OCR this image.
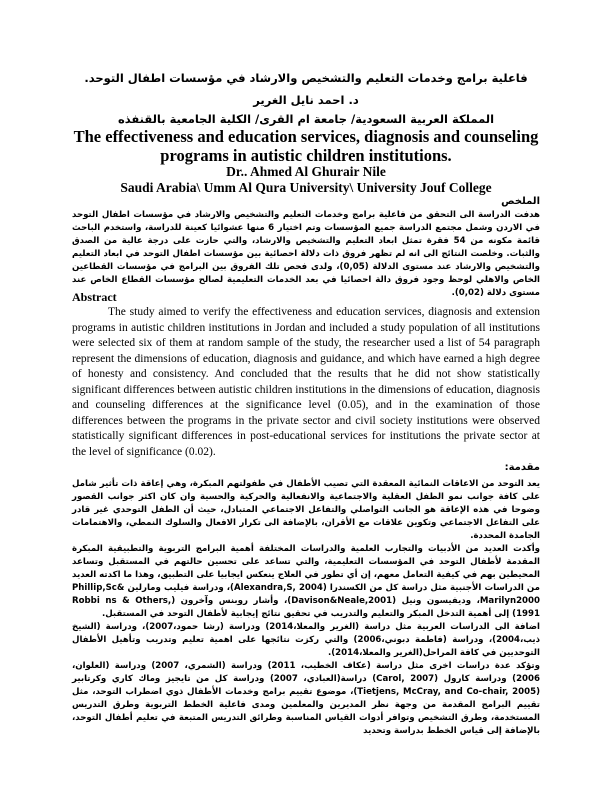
فاعلية برامج وخدمات التعليم والتشخيص والارشاد في مؤسسات اطفال التوحد.
د. احمد نايل الغرير
المملكة العربية السعودية/ جامعة ام القرى/ الكلية الجامعية بالقنفذه
The effectiveness and education services, diagnosis and counseling programs in autistic children institutions.
Dr.. Ahmed Al Ghurair Nile
Saudi Arabia\ Umm Al Qura University\ University Jouf College
الملخص

هدفت الدراسة الى التحقق من فاعلية برامج وخدمات التعليم والتشخيص والارشاد في مؤسسات اطفال التوحد في الاردن وشمل مجتمع الدراسة جميع المؤسسات وتم اختيار 6 منها عشوائيا كعينة للدراسة، واستخدم الباحث قائمة مكونه من 54 فقرة تمثل ابعاد التعليم والتشخيص والارشاد، والتي حازت على درجة عالية من الصدق والثبات. وخلصت النتائج الى انه لم تظهر فروق ذات دلالة احصائية بين مؤسسات اطفال التوحد في ابعاد التعليم والتشخيص والارشاد عند مستوى الدلالة (0,05)، ولدى فحص تلك الفروق بين البرامج في مؤسسات القطاعين الخاص والاهلي لوحظ وجود فروق دالة احصائيا في بعد الخدمات التعليمية لصالح مؤسسات القطاع الخاص عند مستوى دلالة (0,02).

Abstract

The study aimed to verify the effectiveness and education services, diagnosis and extension programs in autistic children institutions in Jordan and included a study population of all institutions were selected six of them at random sample of the study, the researcher used a list of 54 paragraph represent the dimensions of education, diagnosis and guidance, and which have earned a high degree of honesty and consistency. And concluded that the results that he did not show statistically significant differences between autistic children institutions in the dimensions of education, diagnosis and counseling differences at the significance level (0.05), and in the examination of those differences between the programs in the private sector and civil society institutions were observed statistically significant differences in post-educational services for institutions the private sector at the level of significance (0.02).

مقدمة:

يعد التوحد من الاعاقات النمائية المعقدة التي تصيب الأطفال في طفولتهم المبكرة، وهي إعاقة ذات تأثير شامل على كافة جوانب نمو الطفل العقلية والاجتماعية والانفعالية والحركية والحسية وان كان اكثر جوانب القصور وضوحا في هذه الإعاقة هو الجانب التواصلي والتفاعل الاجتماعي المتبادل، حيث أن الطفل التوحدي غير قادر على التفاعل الاجتماعي وتكوين علاقات مع الأقران، بالإضافة الى تكرار الافعال والسلوك النمطي، والاهتمامات الجامدة المحددة.

وأكدت العديد من الأدبيات والتجارب العلمية والدراسات المختلفة أهمية البرامج التربوية والتطبيقية المبكرة المقدمة لأطفال التوحد في المؤسسات التعليمية، والتي تساعد على تحسين حالتهم في المستقبل وتساعد المحيطين بهم في كيفية التعامل معهم، إن أي تطور في العلاج ينعكس ايجابيا على التطبيق، وهذا ما اكدته العديد من الدراسات الأجنبية مثل دراسة كل من الكسندرا (2004 ,Alexandra,S)، ودراسة فيليب ومارلين Phillip,Sc& Marilyn2000، وديفيسون ونيل (Davison&Neale,2001)، وأشار روبنس وآخرون (Robbi ns & Others, 1991) إلى أهمية التدخل المبكر والتعليم والتدريب في تحقيق نتائج إيجابية لأطفال التوحد في المستقبل.

اضافة الى الدراسات العربية مثل دراسة (الغرير والمعلا،2014) ودراسة (رشا حمود،2007)، ودراسة (الشيخ ذيب،2004)، ودراسة (فاطمة دبوني،2006) والتي ركزت نتائجها على اهمية تعليم وتدريب وتأهيل الأطفال التوحديين في كافة المراحل(الغرير والمعلا،2014).

وتؤكد عدة دراسات اخرى مثل دراسة (عكاف الخطيب، 2011) ودراسة (الشمري، 2007) ودراسة (العلوان، 2006) ودراسة كارول (Carol, 2007) دراسة(العبادي، 2007) ودراسة كل من تايجيز وماك كاري وكرتابير (Tietjens, McCray, and Co-chair, 2005)، موضوع تقييم برامج وخدمات الأطفال ذوي اضطراب التوحد، مثل تقييم البرامج المقدمة من وجهة نظر المديرين والمعلمين ومدى فاعلية الخطط التربوية وطرق التدريس المستخدمة، وطرق التشخيص وتوافر أدوات القياس المناسبة وطرائق التدريس المتبعة في تعليم أطفال التوحد، بالإضافة إلى قياس الخطط بدراسة وتحديد
